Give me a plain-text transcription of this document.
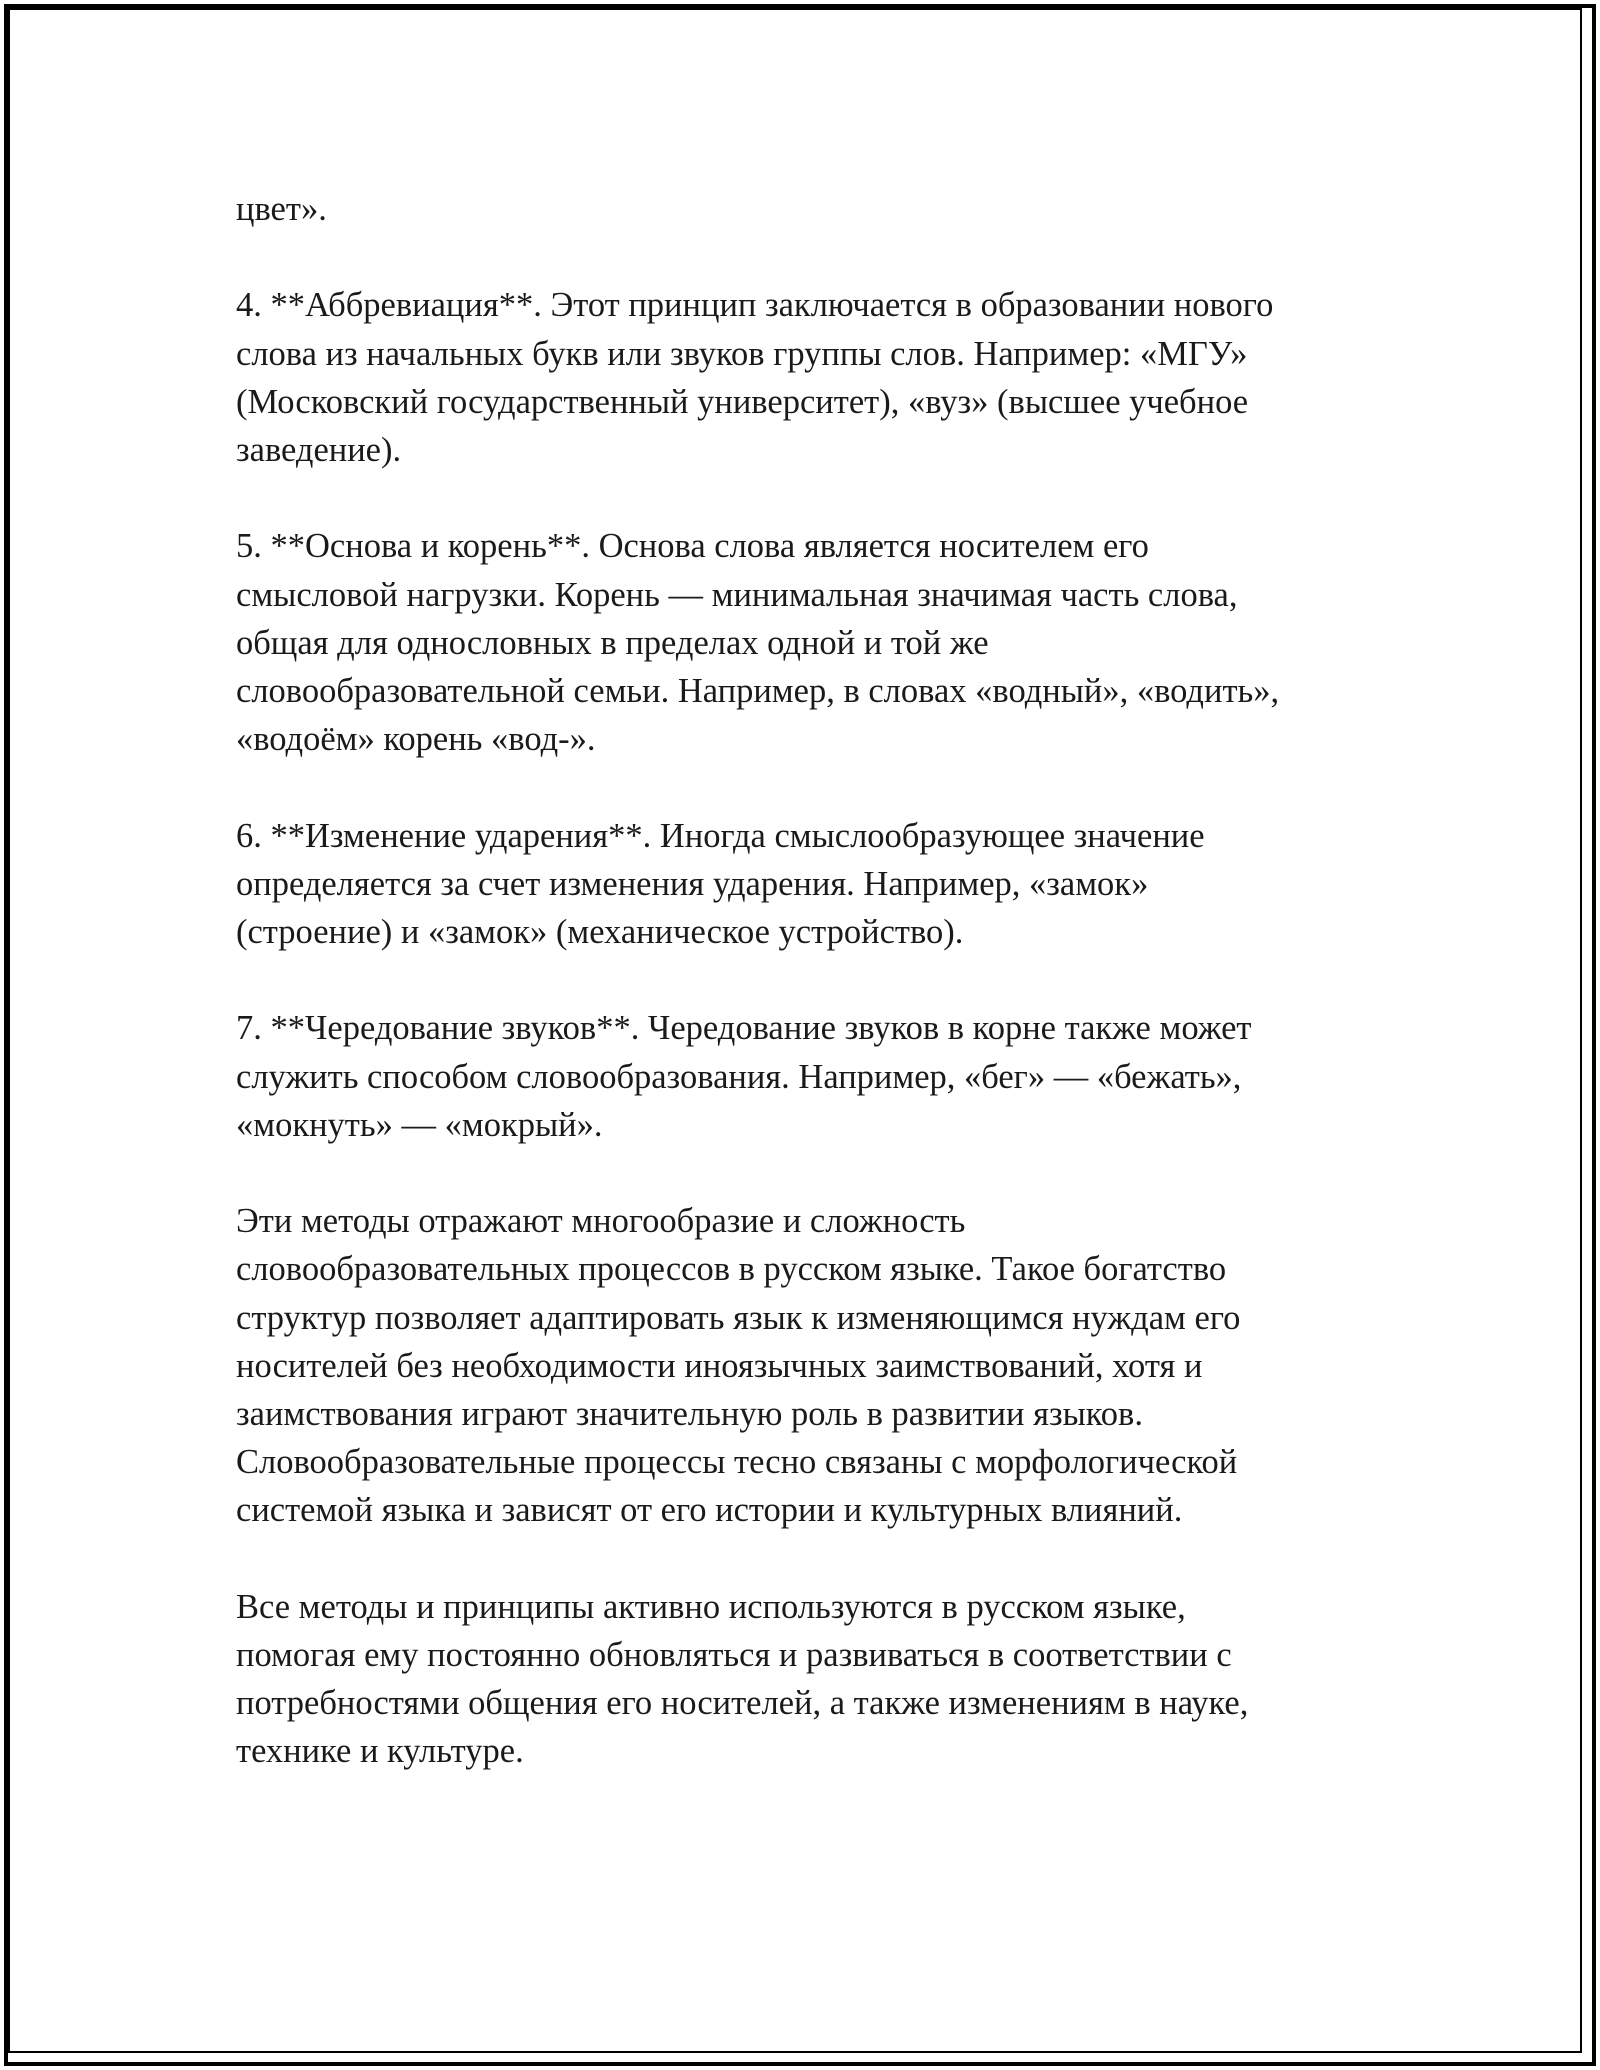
цвет».

4. **Аббревиация**. Этот принцип заключается в образовании нового
слова из начальных букв или звуков группы слов. Например: «МГУ»
(Московский государственный университет), «вуз» (высшее учебное
заведение).

5. **Основа и корень**. Основа слова является носителем его
смысловой нагрузки. Корень — минимальная значимая часть слова,
общая для однословных в пределах одной и той же
словообразовательной семьи. Например, в словах «водный», «водить»,
«водоём» корень «вод-».

6. **Изменение ударения**. Иногда смыслообразующее значение
определяется за счет изменения ударения. Например, «замок»
(строение) и «замок» (механическое устройство).

7. **Чередование звуков**. Чередование звуков в корне также может
служить способом словообразования. Например, «бег» — «бежать»,
«мокнуть» — «мокрый».

Эти методы отражают многообразие и сложность
словообразовательных процессов в русском языке. Такое богатство
структур позволяет адаптировать язык к изменяющимся нуждам его
носителей без необходимости иноязычных заимствований, хотя и
заимствования играют значительную роль в развитии языков.
Словообразовательные процессы тесно связаны с морфологической
системой языка и зависят от его истории и культурных влияний.

Все методы и принципы активно используются в русском языке,
помогая ему постоянно обновляться и развиваться в соответствии с
потребностями общения его носителей, а также изменениям в науке,
технике и культуре.
